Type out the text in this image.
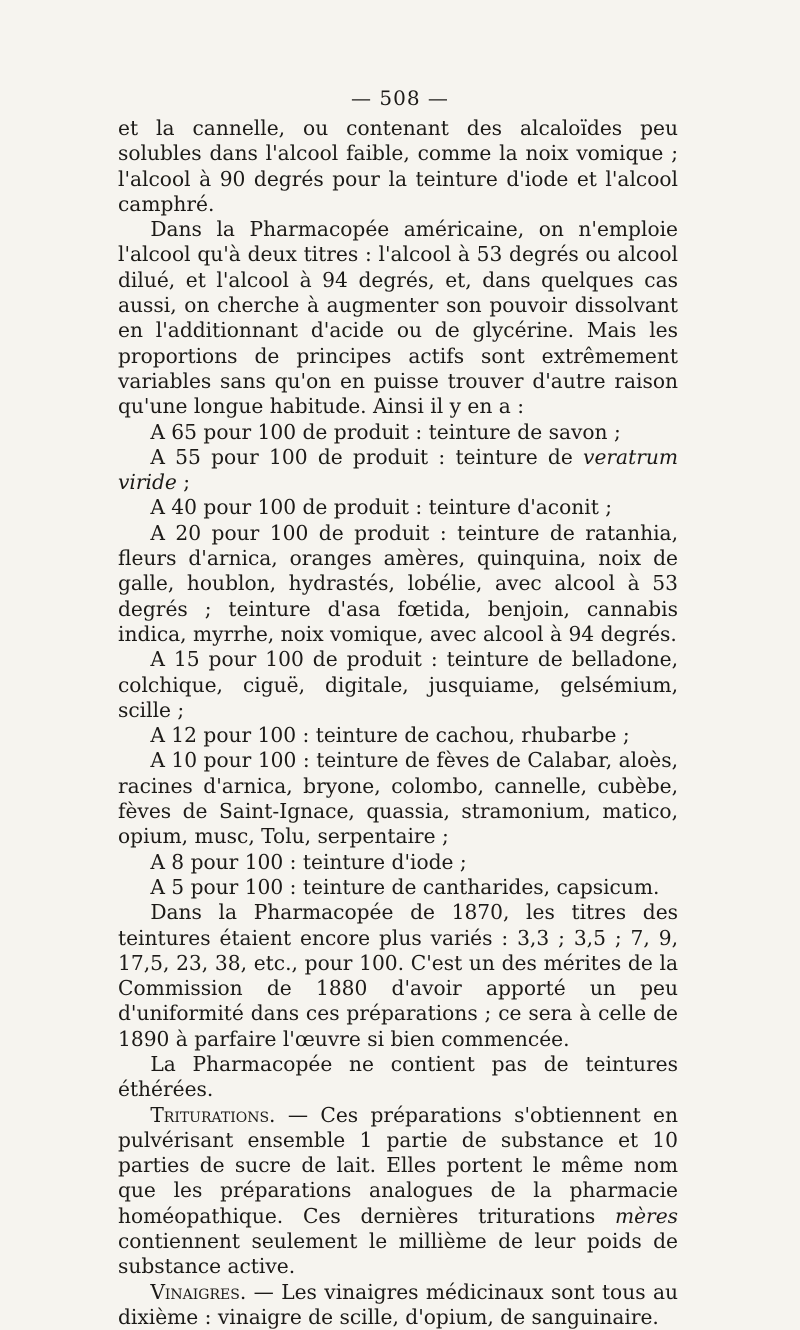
— 508 —

et la cannelle, ou contenant des alcaloïdes peu solubles dans l'alcool faible, comme la noix vomique ; l'alcool à 90 degrés pour la teinture d'iode et l'alcool camphré.

Dans la Pharmacopée américaine, on n'emploie l'alcool qu'à deux titres : l'alcool à 53 degrés ou alcool dilué, et l'alcool à 94 degrés, et, dans quelques cas aussi, on cherche à augmenter son pouvoir dissolvant en l'additionnant d'acide ou de glycérine. Mais les proportions de principes actifs sont extrêmement variables sans qu'on en puisse trouver d'autre raison qu'une longue habitude. Ainsi il y en a :

A 65 pour 100 de produit : teinture de savon ;

A 55 pour 100 de produit : teinture de veratrum viride ;

A 40 pour 100 de produit : teinture d'aconit ;

A 20 pour 100 de produit : teinture de ratanhia, fleurs d'arnica, oranges amères, quinquina, noix de galle, houblon, hydrastés, lobélie, avec alcool à 53 degrés ; teinture d'asa fœtida, benjoin, cannabis indica, myrrhe, noix vomique, avec alcool à 94 degrés.

A 15 pour 100 de produit : teinture de belladone, colchique, ciguë, digitale, jusquiame, gelsémium, scille ;

A 12 pour 100 : teinture de cachou, rhubarbe ;

A 10 pour 100 : teinture de fèves de Calabar, aloès, racines d'arnica, bryone, colombo, cannelle, cubèbe, fèves de Saint-Ignace, quassia, stramonium, matico, opium, musc, Tolu, serpentaire ;

A 8 pour 100 : teinture d'iode ;

A 5 pour 100 : teinture de cantharides, capsicum.

Dans la Pharmacopée de 1870, les titres des teintures étaient encore plus variés : 3,3 ; 3,5 ; 7, 9, 17,5, 23, 38, etc., pour 100. C'est un des mérites de la Commission de 1880 d'avoir apporté un peu d'uniformité dans ces préparations ; ce sera à celle de 1890 à parfaire l'œuvre si bien commencée.

La Pharmacopée ne contient pas de teintures éthérées.

Triturations. — Ces préparations s'obtiennent en pulvérisant ensemble 1 partie de substance et 10 parties de sucre de lait. Elles portent le même nom que les préparations analogues de la pharmacie homéopathique. Ces dernières triturations mères contiennent seulement le millième de leur poids de substance active.

Vinaigres. — Les vinaigres médicinaux sont tous au dixième : vinaigre de scille, d'opium, de sanguinaire.
